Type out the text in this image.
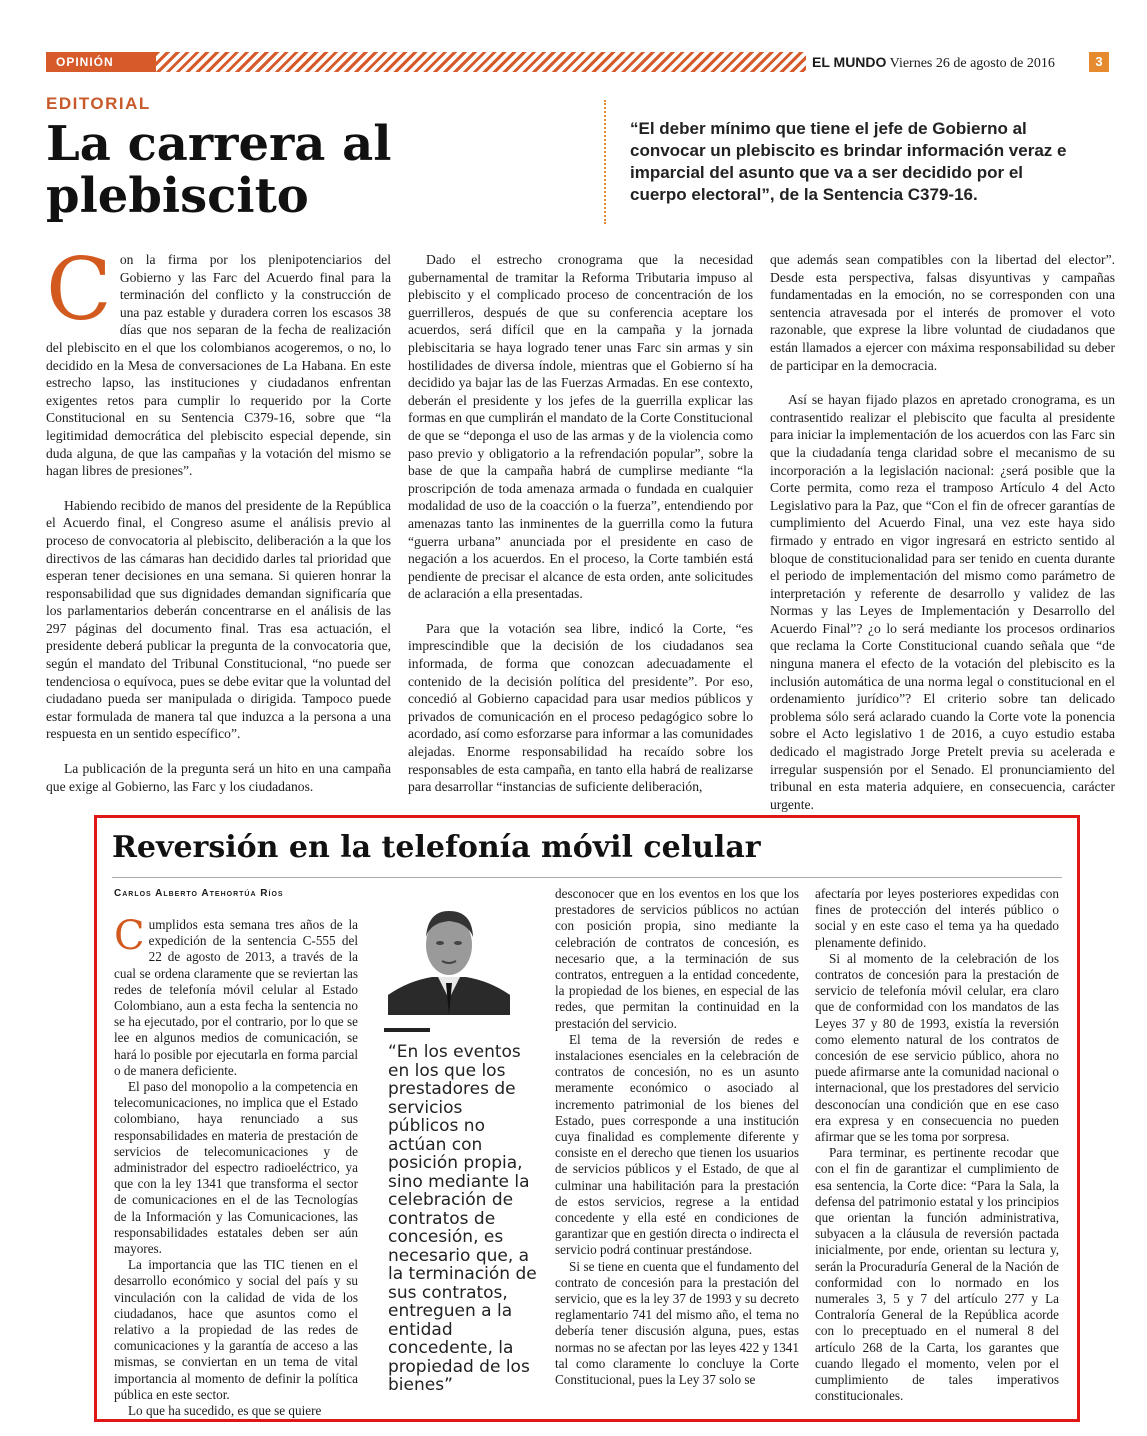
OPINIÓN	EL MUNDO Viernes 26 de agosto de 2016	3
EDITORIAL
La carrera al plebiscito
“El deber mínimo que tiene el jefe de Gobierno al convocar un plebiscito es brindar información veraz e imparcial del asunto que va a ser decidido por el cuerpo electoral”, de la Sentencia C379-16.

Con la firma por los plenipotenciarios del Gobierno y las Farc del Acuerdo final para la terminación del conflicto y la construcción de una paz estable y duradera corren los escasos 38 días que nos separan de la fecha de realización del plebiscito en el que los colombianos acogeremos, o no, lo decidido en la Mesa de conversaciones de La Habana. En este estrecho lapso, las instituciones y ciudadanos enfrentan exigentes retos para cumplir lo requerido por la Corte Constitucional en su Sentencia C379-16, sobre que “la legitimidad democrática del plebiscito especial depende, sin duda alguna, de que las campañas y la votación del mismo se hagan libres de presiones”.

Habiendo recibido de manos del presidente de la República el Acuerdo final, el Congreso asume el análisis previo al proceso de convocatoria al plebiscito, deliberación a la que los directivos de las cámaras han decidido darles tal prioridad que esperan tener decisiones en una semana. Si quieren honrar la responsabilidad que sus dignidades demandan significaría que los parlamentarios deberán concentrarse en el análisis de las 297 páginas del documento final. Tras esa actuación, el presidente deberá publicar la pregunta de la convocatoria que, según el mandato del Tribunal Constitucional, “no puede ser tendenciosa o equívoca, pues se debe evitar que la voluntad del ciudadano pueda ser manipulada o dirigida. Tampoco puede estar formulada de manera tal que induzca a la persona a una respuesta en un sentido específico”.

La publicación de la pregunta será un hito en una campaña que exige al Gobierno, las Farc y los ciudadanos.

Dado el estrecho cronograma que la necesidad gubernamental de tramitar la Reforma Tributaria impuso al plebiscito y el complicado proceso de concentración de los guerrilleros, después de que su conferencia aceptare los acuerdos, será difícil que en la campaña y la jornada plebiscitaria se haya logrado tener unas Farc sin armas y sin hostilidades de diversa índole, mientras que el Gobierno sí ha decidido ya bajar las de las Fuerzas Armadas. En ese contexto, deberán el presidente y los jefes de la guerrilla explicar las formas en que cumplirán el mandato de la Corte Constitucional de que se “deponga el uso de las armas y de la violencia como paso previo y obligatorio a la refrendación popular”, sobre la base de que la campaña habrá de cumplirse mediante “la proscripción de toda amenaza armada o fundada en cualquier modalidad de uso de la coacción o la fuerza”, entendiendo por amenazas tanto las inminentes de la guerrilla como la futura “guerra urbana” anunciada por el presidente en caso de negación a los acuerdos. En el proceso, la Corte también está pendiente de precisar el alcance de esta orden, ante solicitudes de aclaración a ella presentadas.

Para que la votación sea libre, indicó la Corte, “es imprescindible que la decisión de los ciudadanos sea informada, de forma que conozcan adecuadamente el contenido de la decisión política del presidente”. Por eso, concedió al Gobierno capacidad para usar medios públicos y privados de comunicación en el proceso pedagógico sobre lo acordado, así como esforzarse para informar a las comunidades alejadas. Enorme responsabilidad ha recaído sobre los responsables de esta campaña, en tanto ella habrá de realizarse para desarrollar “instancias de suficiente deliberación,

que además sean compatibles con la libertad del elector”. Desde esta perspectiva, falsas disyuntivas y campañas fundamentadas en la emoción, no se corresponden con una sentencia atravesada por el interés de promover el voto razonable, que exprese la libre voluntad de ciudadanos que están llamados a ejercer con máxima responsabilidad su deber de participar en la democracia.

Así se hayan fijado plazos en apretado cronograma, es un contrasentido realizar el plebiscito que faculta al presidente para iniciar la implementación de los acuerdos con las Farc sin que la ciudadanía tenga claridad sobre el mecanismo de su incorporación a la legislación nacional: ¿será posible que la Corte permita, como reza el tramposo Artículo 4 del Acto Legislativo para la Paz, que “Con el fin de ofrecer garantías de cumplimiento del Acuerdo Final, una vez este haya sido firmado y entrado en vigor ingresará en estricto sentido al bloque de constitucionalidad para ser tenido en cuenta durante el periodo de implementación del mismo como parámetro de interpretación y referente de desarrollo y validez de las Normas y las Leyes de Implementación y Desarrollo del Acuerdo Final”? ¿o lo será mediante los procesos ordinarios que reclama la Corte Constitucional cuando señala que “de ninguna manera el efecto de la votación del plebiscito es la inclusión automática de una norma legal o constitucional en el ordenamiento jurídico”? El criterio sobre tan delicado problema sólo será aclarado cuando la Corte vote la ponencia sobre el Acto legislativo 1 de 2016, a cuyo estudio estaba dedicado el magistrado Jorge Pretelt previa su acelerada e irregular suspensión por el Senado. El pronunciamiento del tribunal en esta materia adquiere, en consecuencia, carácter urgente.

Reversión en la telefonía móvil celular
Carlos Alberto Atehortúa Ríos

Cumplidos esta semana tres años de la expedición de la sentencia C-555 del 22 de agosto de 2013, a través de la cual se ordena claramente que se reviertan las redes de telefonía móvil celular al Estado Colombiano, aun a esta fecha la sentencia no se ha ejecutado, por el contrario, por lo que se lee en algunos medios de comunicación, se hará lo posible por ejecutarla en forma parcial o de manera deficiente.

El paso del monopolio a la competencia en telecomunicaciones, no implica que el Estado colombiano, haya renunciado a sus responsabilidades en materia de prestación de servicios de telecomunicaciones y de administrador del espectro radioeléctrico, ya que con la ley 1341 que transforma el sector de comunicaciones en el de las Tecnologías de la Información y las Comunicaciones, las responsabilidades estatales deben ser aún mayores.

La importancia que las TIC tienen en el desarrollo económico y social del país y su vinculación con la calidad de vida de los ciudadanos, hace que asuntos como el relativo a la propiedad de las redes de comunicaciones y la garantía de acceso a las mismas, se conviertan en un tema de vital importancia al momento de definir la política pública en este sector.

Lo que ha sucedido, es que se quiere

“En los eventos en los que los prestadores de servicios públicos no actúan con posición propia, sino mediante la celebración de contratos de concesión, es necesario que, a la terminación de sus contratos, entreguen a la entidad concedente, la propiedad de los bienes”

desconocer que en los eventos en los que los prestadores de servicios públicos no actúan con posición propia, sino mediante la celebración de contratos de concesión, es necesario que, a la terminación de sus contratos, entreguen a la entidad concedente, la propiedad de los bienes, en especial de las redes, que permitan la continuidad en la prestación del servicio.

El tema de la reversión de redes e instalaciones esenciales en la celebración de contratos de concesión, no es un asunto meramente económico o asociado al incremento patrimonial de los bienes del Estado, pues corresponde a una institución cuya finalidad es complemente diferente y consiste en el derecho que tienen los usuarios de servicios públicos y el Estado, de que al culminar una habilitación para la prestación de estos servicios, regrese a la entidad concedente y ella esté en condiciones de garantizar que en gestión directa o indirecta el servicio podrá continuar prestándose.

Si se tiene en cuenta que el fundamento del contrato de concesión para la prestación del servicio, que es la ley 37 de 1993 y su decreto reglamentario 741 del mismo año, el tema no debería tener discusión alguna, pues, estas normas no se afectan por las leyes 422 y 1341 tal como claramente lo concluye la Corte Constitucional, pues la Ley 37 solo se

afectaría por leyes posteriores expedidas con fines de protección del interés público o social y en este caso el tema ya ha quedado plenamente definido.

Si al momento de la celebración de los contratos de concesión para la prestación de servicio de telefonía móvil celular, era claro que de conformidad con los mandatos de las Leyes 37 y 80 de 1993, existía la reversión como elemento natural de los contratos de concesión de ese servicio público, ahora no puede afirmarse ante la comunidad nacional o internacional, que los prestadores del servicio desconocían una condición que en ese caso era expresa y en consecuencia no pueden afirmar que se les toma por sorpresa.

Para terminar, es pertinente recodar que con el fin de garantizar el cumplimiento de esa sentencia, la Corte dice: “Para la Sala, la defensa del patrimonio estatal y los principios que orientan la función administrativa, subyacen a la cláusula de reversión pactada inicialmente, por ende, orientan su lectura y, serán la Procuraduría General de la Nación de conformidad con lo normado en los numerales 3, 5 y 7 del artículo 277 y La Contraloría General de la República acorde con lo preceptuado en el numeral 8 del artículo 268 de la Carta, los garantes que cuando llegado el momento, velen por el cumplimiento de tales imperativos constitucionales.
